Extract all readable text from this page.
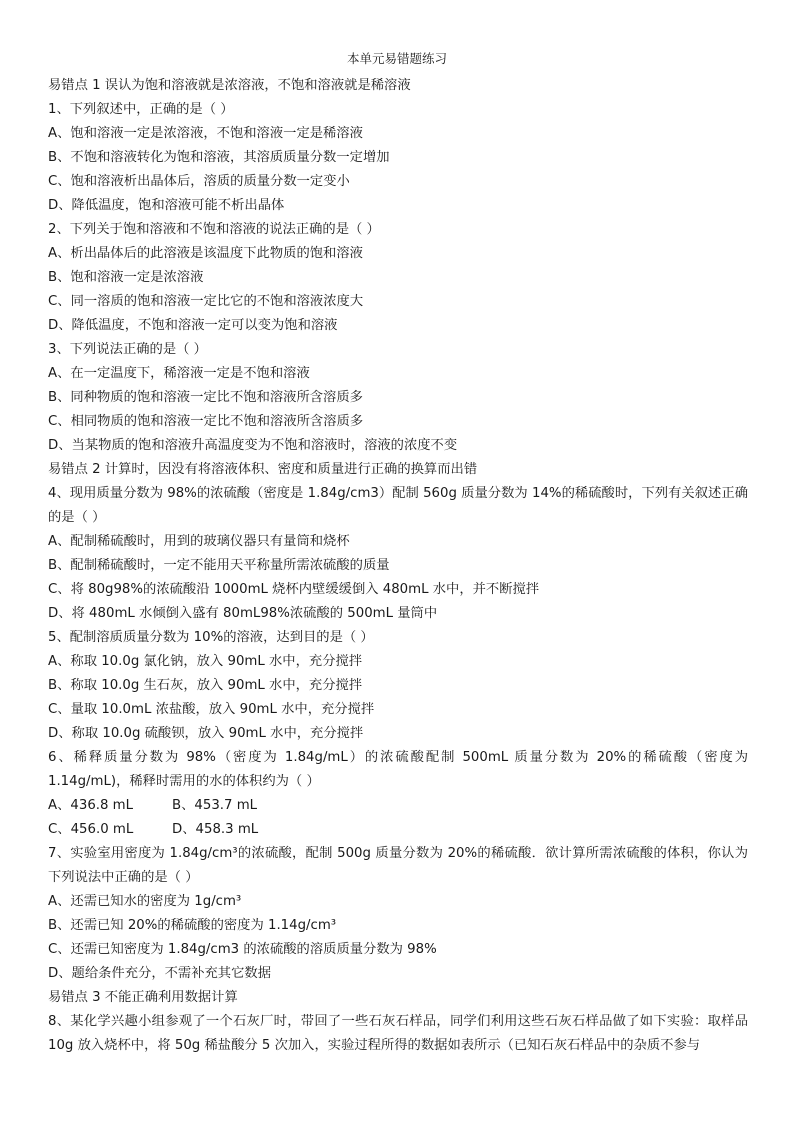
本单元易错题练习
易错点 1 误认为饱和溶液就是浓溶液，不饱和溶液就是稀溶液
1、下列叙述中，正确的是（ ）
A、饱和溶液一定是浓溶液，不饱和溶液一定是稀溶液
B、不饱和溶液转化为饱和溶液，其溶质质量分数一定增加
C、饱和溶液析出晶体后，溶质的质量分数一定变小
D、降低温度，饱和溶液可能不析出晶体
2、下列关于饱和溶液和不饱和溶液的说法正确的是（ ）
A、析出晶体后的此溶液是该温度下此物质的饱和溶液
B、饱和溶液一定是浓溶液
C、同一溶质的饱和溶液一定比它的不饱和溶液浓度大
D、降低温度，不饱和溶液一定可以变为饱和溶液
3、下列说法正确的是（ ）
A、在一定温度下，稀溶液一定是不饱和溶液
B、同种物质的饱和溶液一定比不饱和溶液所含溶质多
C、相同物质的饱和溶液一定比不饱和溶液所含溶质多
D、当某物质的饱和溶液升高温度变为不饱和溶液时，溶液的浓度不变
易错点 2 计算时，因没有将溶液体积、密度和质量进行正确的换算而出错
4、现用质量分数为 98%的浓硫酸（密度是 1.84g/cm3）配制 560g 质量分数为 14%的稀硫酸时，下列有关叙述正确的是（ ）
A、配制稀硫酸时，用到的玻璃仪器只有量筒和烧杯
B、配制稀硫酸时，一定不能用天平称量所需浓硫酸的质量
C、将 80g98%的浓硫酸沿 1000mL 烧杯内壁缓缓倒入 480mL 水中，并不断搅拌
D、将 480mL 水倾倒入盛有 80mL98%浓硫酸的 500mL 量筒中
5、配制溶质质量分数为 10%的溶液，达到目的是（ ）
A、称取 10.0g 氯化钠，放入 90mL 水中，充分搅拌
B、称取 10.0g 生石灰，放入 90mL 水中，充分搅拌
C、量取 10.0mL 浓盐酸，放入 90mL 水中，充分搅拌
D、称取 10.0g 硫酸钡，放入 90mL 水中，充分搅拌
6、稀释质量分数为 98%（密度为 1.84g/mL）的浓硫酸配制 500mL 质量分数为 20%的稀硫酸（密度为 1.14g/mL)，稀释时需用的水的体积约为（ ）
A、436.8 mL	B、453.7 mL
C、456.0 mL	D、458.3 mL
7、实验室用密度为 1.84g/cm³的浓硫酸，配制 500g 质量分数为 20%的稀硫酸．欲计算所需浓硫酸的体积，你认为下列说法中正确的是（ ）
A、还需已知水的密度为 1g/cm³
B、还需已知 20%的稀硫酸的密度为 1.14g/cm³
C、还需已知密度为 1.84g/cm3 的浓硫酸的溶质质量分数为 98%
D、题给条件充分，不需补充其它数据
易错点 3 不能正确利用数据计算
8、某化学兴趣小组参观了一个石灰厂时，带回了一些石灰石样品，同学们利用这些石灰石样品做了如下实验：取样品 10g 放入烧杯中，将 50g 稀盐酸分 5 次加入，实验过程所得的数据如表所示（已知石灰石样品中的杂质不参与
